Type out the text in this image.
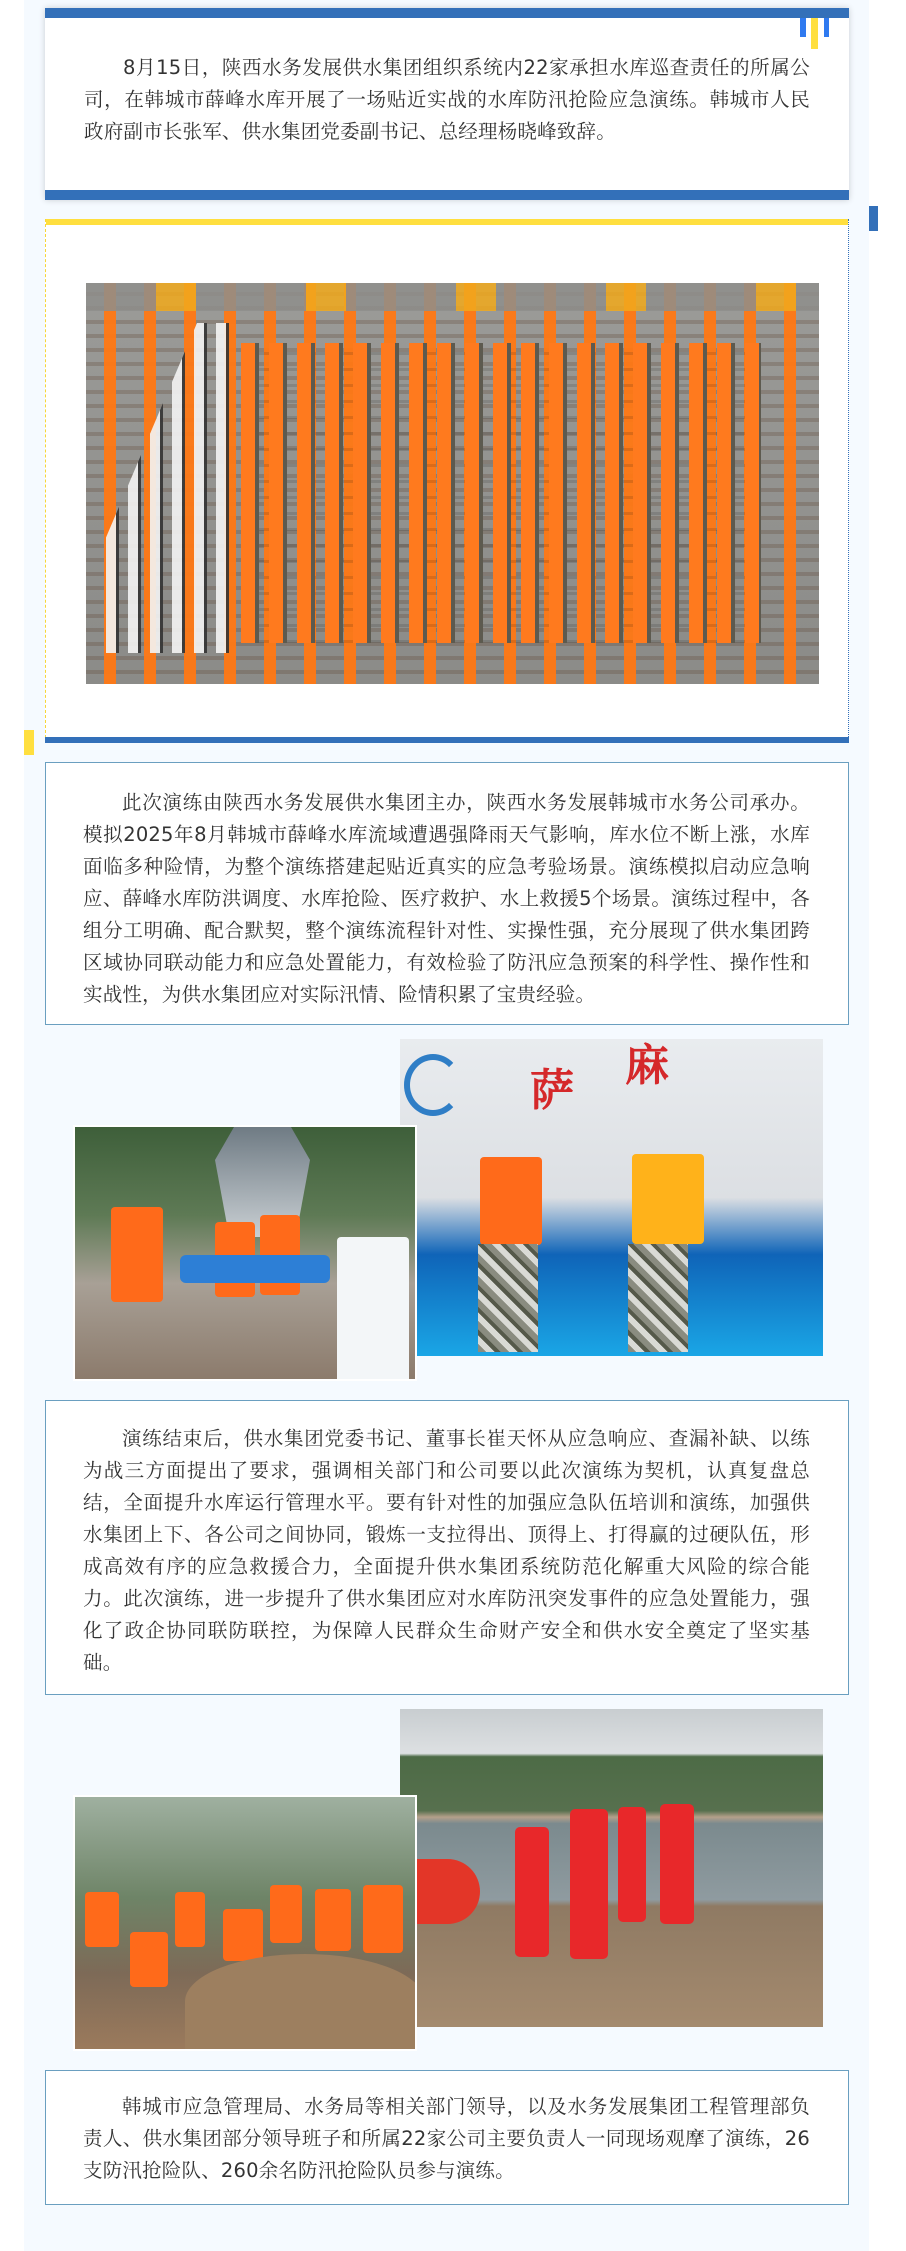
8月15日，陕西水务发展供水集团组织系统内22家承担水库巡查责任的所属公司，在韩城市薛峰水库开展了一场贴近实战的水库防汛抢险应急演练。韩城市人民政府副市长张军、供水集团党委副书记、总经理杨晓峰致辞。

此次演练由陕西水务发展供水集团主办，陕西水务发展韩城市水务公司承办。模拟2025年8月韩城市薛峰水库流域遭遇强降雨天气影响，库水位不断上涨，水库面临多种险情，为整个演练搭建起贴近真实的应急考验场景。演练模拟启动应急响应、薛峰水库防洪调度、水库抢险、医疗救护、水上救援5个场景。演练过程中，各组分工明确、配合默契，整个演练流程针对性、实操性强，充分展现了供水集团跨区域协同联动能力和应急处置能力，有效检验了防汛应急预案的科学性、操作性和实战性，为供水集团应对实际汛情、险情积累了宝贵经验。

萨 麻

演练结束后，供水集团党委书记、董事长崔天怀从应急响应、查漏补缺、以练为战三方面提出了要求，强调相关部门和公司要以此次演练为契机，认真复盘总结，全面提升水库运行管理水平。要有针对性的加强应急队伍培训和演练，加强供水集团上下、各公司之间协同，锻炼一支拉得出、顶得上、打得赢的过硬队伍，形成高效有序的应急救援合力，全面提升供水集团系统防范化解重大风险的综合能力。此次演练，进一步提升了供水集团应对水库防汛突发事件的应急处置能力，强化了政企协同联防联控，为保障人民群众生命财产安全和供水安全奠定了坚实基础。

韩城市应急管理局、水务局等相关部门领导，以及水务发展集团工程管理部负责人、供水集团部分领导班子和所属22家公司主要负责人一同现场观摩了演练，26支防汛抢险队、260余名防汛抢险队员参与演练。
